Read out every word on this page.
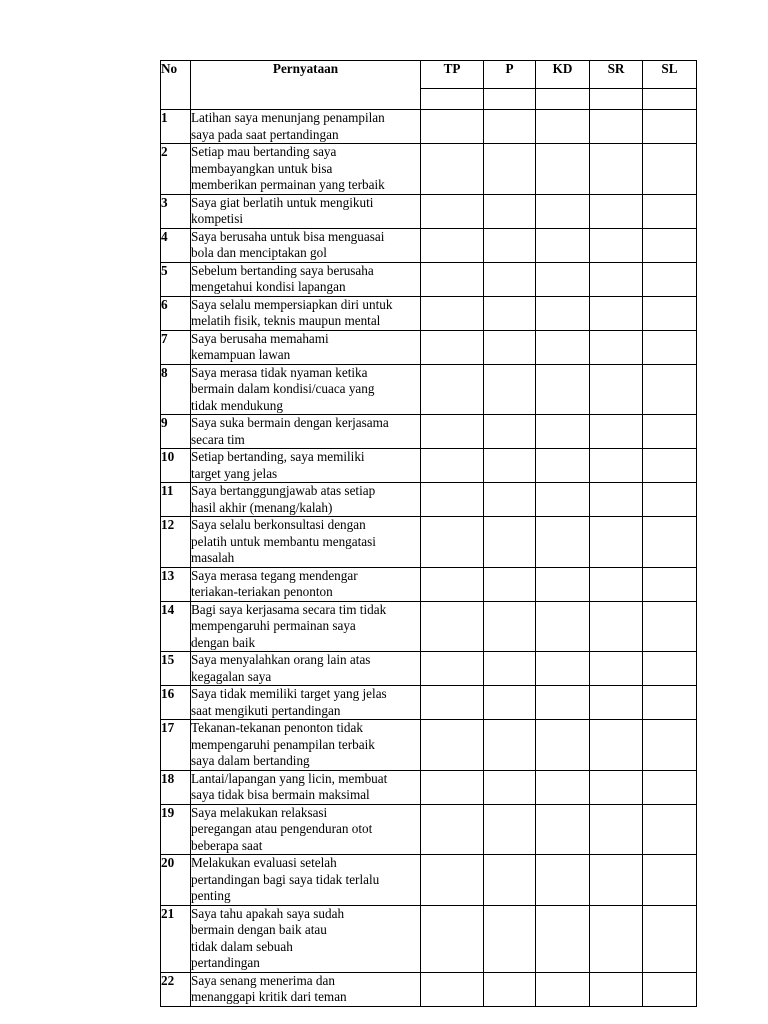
No	Pernyataan	TP	P	KD	SR	SL

1	Latihan saya menunjang penampilan
saya pada saat pertandingan					

2	Setiap mau bertanding saya
membayangkan untuk bisa
memberikan permainan yang terbaik					

3	Saya giat berlatih untuk mengikuti
kompetisi					

4	Saya berusaha untuk bisa menguasai
bola dan menciptakan gol					

5	Sebelum bertanding saya berusaha
mengetahui kondisi lapangan					

6	Saya selalu mempersiapkan diri untuk
melatih fisik, teknis maupun mental					

7	Saya berusaha memahami
kemampuan lawan					

8	Saya merasa tidak nyaman ketika
bermain dalam kondisi/cuaca yang
tidak mendukung					

9	Saya suka bermain dengan kerjasama
secara tim					

10	Setiap bertanding, saya memiliki
target yang jelas					

11	Saya bertanggungjawab atas setiap
hasil akhir (menang/kalah)					

12	Saya selalu berkonsultasi dengan
pelatih untuk membantu mengatasi
masalah					

13	Saya merasa tegang mendengar
teriakan-teriakan penonton					

14	Bagi saya kerjasama secara tim tidak
mempengaruhi permainan saya
dengan baik					

15	Saya menyalahkan orang lain atas
kegagalan saya					

16	Saya tidak memiliki target yang jelas
saat mengikuti pertandingan					

17	Tekanan-tekanan penonton tidak
mempengaruhi penampilan terbaik
saya dalam bertanding					

18	Lantai/lapangan yang licin, membuat
saya tidak bisa bermain maksimal					

19	Saya melakukan relaksasi
peregangan atau pengenduran otot
beberapa saat					

20	Melakukan evaluasi setelah
pertandingan bagi saya tidak terlalu
penting					

21	Saya tahu apakah saya sudah
bermain dengan baik atau
tidak dalam sebuah
pertandingan					

22	Saya senang menerima dan
menanggapi kritik dari teman					
